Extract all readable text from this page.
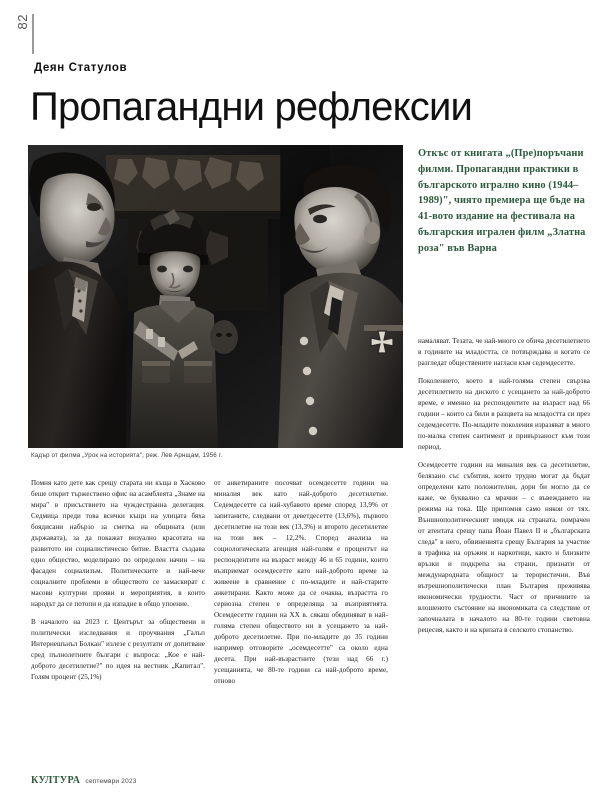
82
Деян Статулов
Пропагандни рефлексии
Кадър от филма „Урок на историята", реж. Лев Арнщам, 1956 г.
Откъс от книгата „(Пре)поръчани филми. Пропагандни практики в българското игрално кино (1944–1989)", чиято премиера ще бъде на 41-вото издание на фестивала на българския игрален филм „Златна роза" във Варна

Помня като дете как срещу старата ни къща в Хасково беше открит тържествено офис на асамблеята „Знаме на мира" в присъствието на чуждестранна делегация. Седмица преди това всички къщи на улицата бяха боядисани набързо за сметка на общината (или държавата), за да покажат визуално красотата на развитото ни социалистическо битие. Властта създава едно общество, моделирано по определен начин – на фасаден социализъм. Политическите и най-вече социалните проблеми в обществото се замаскират с масови културни прояви и мероприятия, в които народът да се потопи и да изпадне в общо упоение.

В началото на 2023 г. Центърът за обществени и политически изследвания и проучвания „Галъп Интернешънъл Болкан" излезе с резултати от допитване сред пълнолетните българи с въпроса: „Кое е най-доброто десетилетие?" по идея на вестник „Капитал". Голям процент (25,1%)

от анкетираните посочват осемдесетте години на миналия век като най-доброто десетилетие. Седемдесетте са най-хубавото време според 13,9% от запитаните, следвани от деветдесетте (13,6%), първото десетилетие на този век (13,3%) и второто десетилетие на този век – 12,2%. Според анализа на социологическата агенция най-голям е процентът на респондентите на възраст между 46 и 65 години, които възприемат осемдесетте като най-доброто време за живеене в сравнение с по-младите и най-старите анкетирани. Както може да се очаква, възрастта го сериозна степен е определяща за възприятията. Осемдесетте години на ХХ в. сякаш обединяват в най-голяма степен обществото ни в усещането за най-доброто десетилетие. При по-младите до 35 години например отговорите „осемдесетте" са около една десета. При най-възрастните (тези над 66 г.) усещанията, че 80-те години са най-доброто време, отново

намаляват. Тезата, че най-много се обича десетилетието в годините на младостта, се потвърждава и когато се разгледат обществените нагласи към седемдесетте.

Поколението, което в най-голяма степен свързва десетилетието на диското с усещането за най-доброто време, е именно на респондентите на възраст над 66 години – които са били в разцвета на младостта си през седемдесетте. По-младите поколения изразяват в много по-малка степен сантимент и привързаност към този период.

Осемдесетте години на миналия век са десетилетие, белязано със събития, които трудно могат да бъдат определени като положителни, дори би могло да се каже, че буквално са мрачни – с въвеждането на режима на тока. Ще припомня само някои от тях. Външнополитическият имидж на страната, помрачен от атентата срещу папа Йоан Павел II и „българската следа" в него, обвиненията срещу България за участие в трафика на оръжия и наркотици, както и близките връзки и подкрепа на страни, признати от международната общност за терористични. Във вътрешнополитически план България преживява икономически трудности. Част от причините за влошеното състояние на икономиката са следствие от започналата в началото на 80-те години световна рецесия, както и на кризата в селското стопанство.

КУЛТУРА септември 2023
